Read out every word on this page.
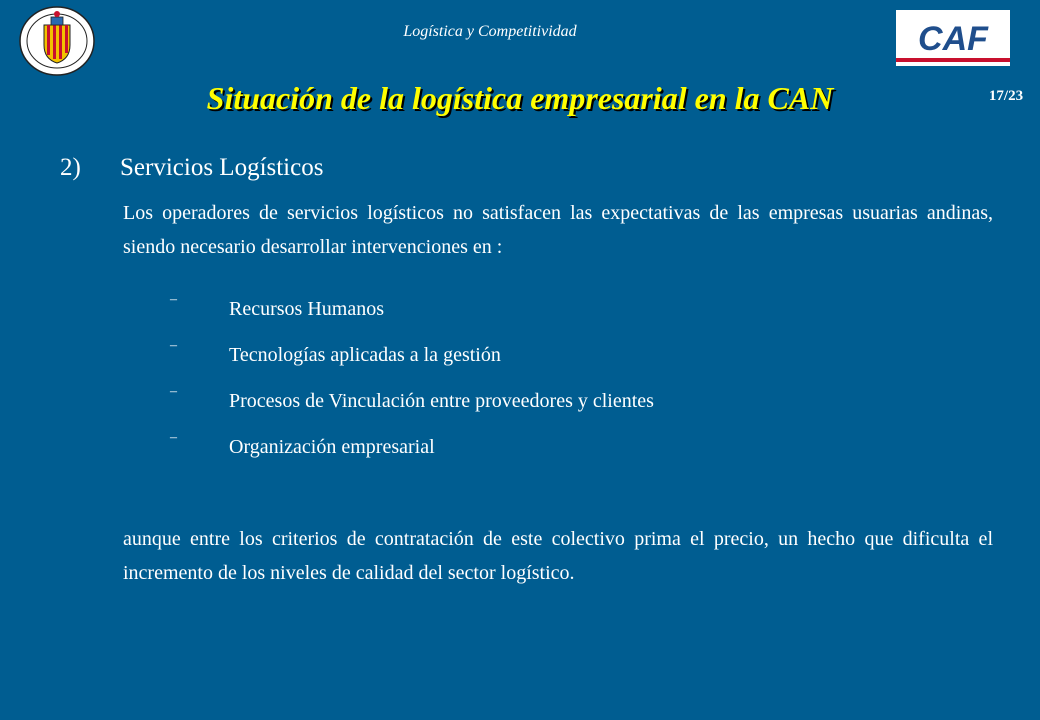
Logística y Competitividad	CAF
17/23
Situación de la logística empresarial en la CAN
2) Servicios Logísticos
Los operadores de servicios logísticos no satisfacen las expectativas de las empresas usuarias andinas, siendo necesario desarrollar intervenciones en :
–	Recursos Humanos
–	Tecnologías aplicadas a la gestión
–	Procesos de Vinculación entre proveedores y clientes
–	Organización empresarial
aunque entre los criterios de contratación de este colectivo prima el precio, un hecho que dificulta el incremento de los niveles de calidad del sector logístico.
